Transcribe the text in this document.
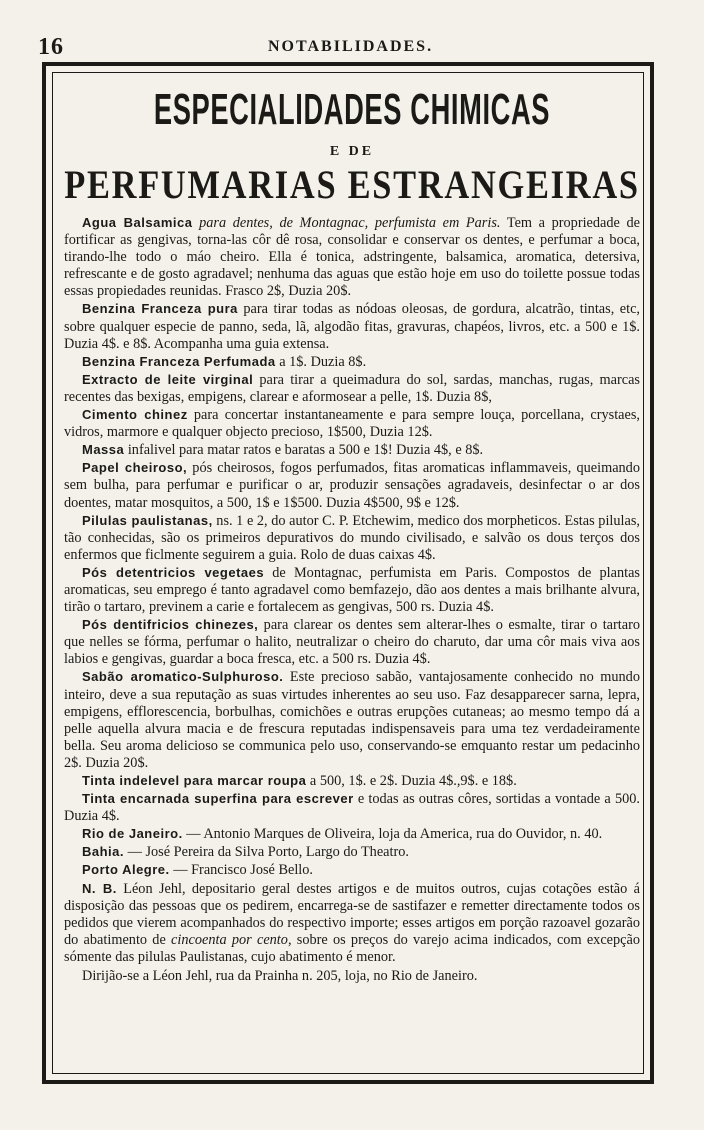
16	NOTABILIDADES.
ESPECIALIDADES CHIMICAS
E DE
PERFUMARIAS ESTRANGEIRAS

Agua Balsamica para dentes, de Montagnac, perfumista em Paris. Tem a propriedade de fortificar as gengivas, torna-las côr dê rosa, consolidar e conservar os dentes, e perfumar a boca, tirando-lhe todo o máo cheiro. Ella é tonica, adstringente, balsamica, aromatica, detersiva, refrescante e de gosto agradavel; nenhuma das aguas que estão hoje em uso do toilette possue todas essas propiedades reunidas. Frasco 2$, Duzia 20$.

Benzina Franceza pura para tirar todas as nódoas oleosas, de gordura, alcatrão, tintas, etc, sobre qualquer especie de panno, seda, lã, algodão fitas, gravuras, chapéos, livros, etc. a 500 e 1$. Duzia 4$. e 8$. Acompanha uma guia extensa.

Benzina Franceza Perfumada a 1$. Duzia 8$.

Extracto de leite virginal para tirar a queimadura do sol, sardas, manchas, rugas, marcas recentes das bexigas, empigens, clarear e aformosear a pelle, 1$. Duzia 8$,

Cimento chinez para concertar instantaneamente e para sempre louça, porcellana, crystaes, vidros, marmore e qualquer objecto precioso, 1$500, Duzia 12$.

Massa infalivel para matar ratos e baratas a 500 e 1$! Duzia 4$, e 8$.

Papel cheiroso, pós cheirosos, fogos perfumados, fitas aromaticas inflammaveis, queimando sem bulha, para perfumar e purificar o ar, produzir sensações agradaveis, desinfectar o ar dos doentes, matar mosquitos, a 500, 1$ e 1$500. Duzia 4$500, 9$ e 12$.

Pilulas paulistanas, ns. 1 e 2, do autor C. P. Etchewim, medico dos morpheticos. Estas pilulas, tão conhecidas, são os primeiros depurativos do mundo civilisado, e salvão os dous terços dos enfermos que ficlmente seguirem a guia. Rolo de duas caixas 4$.

Pós detentricios vegetaes de Montagnac, perfumista em Paris. Compostos de plantas aromaticas, seu emprego é tanto agradavel como bemfazejo, dão aos dentes a mais brilhante alvura, tirão o tartaro, previnem a carie e fortalecem as gengivas, 500 rs. Duzia 4$.

Pós dentifricios chinezes, para clarear os dentes sem alterar-lhes o esmalte, tirar o tartaro que nelles se fórma, perfumar o halito, neutralizar o cheiro do charuto, dar uma côr mais viva aos labios e gengivas, guardar a boca fresca, etc. a 500 rs. Duzia 4$.

Sabão aromatico-Sulphuroso. Este precioso sabão, vantajosamente conhecido no mundo inteiro, deve a sua reputação as suas virtudes inherentes ao seu uso. Faz desapparecer sarna, lepra, empigens, efflorescencia, borbulhas, comichões e outras erupções cutaneas; ao mesmo tempo dá a pelle aquella alvura macia e de frescura reputadas indispensaveis para uma tez verdadeiramente bella. Seu aroma delicioso se communica pelo uso, conservando-se emquanto restar um pedacinho 2$. Duzia 20$.

Tinta indelevel para marcar roupa a 500, 1$. e 2$. Duzia 4$.,9$. e 18$.

Tinta encarnada superfina para escrever e todas as outras côres, sortidas a vontade a 500. Duzia 4$.

Rio de Janeiro. — Antonio Marques de Oliveira, loja da America, rua do Ouvidor, n. 40.

Bahia. — José Pereira da Silva Porto, Largo do Theatro.

Porto Alegre. — Francisco José Bello.

N. B. Léon Jehl, depositario geral destes artigos e de muitos outros, cujas cotações estão á disposição das pessoas que os pedirem, encarrega-se de sastifazer e remetter directamente todos os pedidos que vierem acompanhados do respectivo importe; esses artigos em porção razoavel gozarão do abatimento de cincoenta por cento, sobre os preços do varejo acima indicados, com excepção sómente das pilulas Paulistanas, cujo abatimento é menor.

Dirijão-se a Léon Jehl, rua da Prainha n. 205, loja, no Rio de Janeiro.
